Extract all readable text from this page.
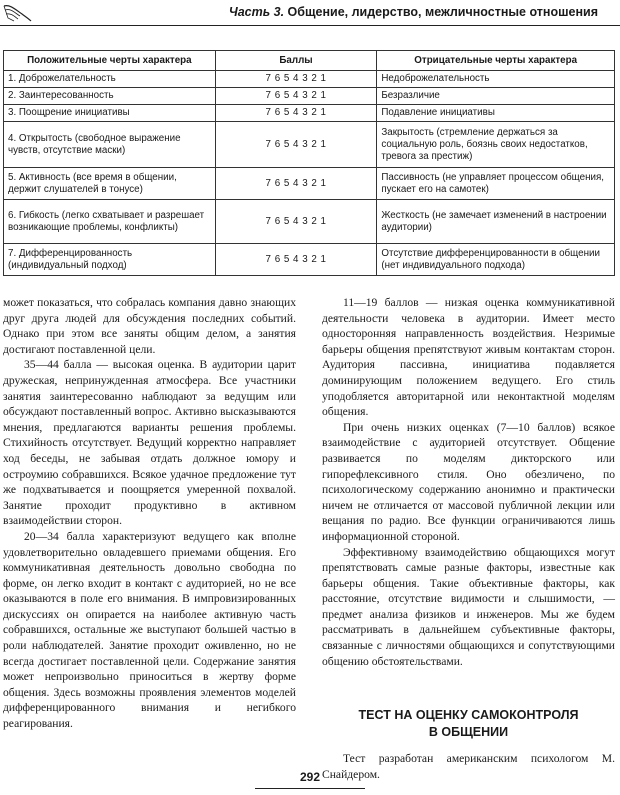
Часть 3. Общение, лидерство, межличностные отношения
Положительные черты характера	Баллы	Отрицательные черты характера
1. Доброжелательность	7 6 5 4 3 2 1	Недоброжелательность
2. Заинтересованность	7 6 5 4 3 2 1	Безразличие
3. Поощрение инициативы	7 6 5 4 3 2 1	Подавление инициативы
4. Открытость (свободное выражение чувств, отсутствие маски)	7 6 5 4 3 2 1	Закрытость (стремление держаться за социальную роль, боязнь своих недостатков, тревога за престиж)
5. Активность (все время в общении, держит слушателей в тонусе)	7 6 5 4 3 2 1	Пассивность (не управляет процессом общения, пускает его на самотек)
6. Гибкость (легко схватывает и разрешает возникающие проблемы, конфликты)	7 6 5 4 3 2 1	Жесткость (не замечает изменений в настроении аудитории)
7. Дифференцированность (индивидуальный подход)	7 6 5 4 3 2 1	Отсутствие дифференцированности в общении (нет индивидуального подхода)

может показаться, что собралась компания давно знающих друг друга людей для обсуждения последних событий. Однако при этом все заняты общим делом, а занятия достигают поставленной цели.

35—44 балла — высокая оценка. В аудитории царит дружеская, непринужденная атмосфера. Все участники занятия заинтересованно наблюдают за ведущим или обсуждают поставленный вопрос. Активно высказываются мнения, предлагаются варианты решения проблемы. Стихийность отсутствует. Ведущий корректно направляет ход беседы, не забывая отдать должное юмору и остроумию собравшихся. Всякое удачное предложение тут же подхватывается и поощряется умеренной похвалой. Занятие проходит продуктивно в активном взаимодействии сторон.

20—34 балла характеризуют ведущего как вполне удовлетворительно овладевшего приемами общения. Его коммуникативная деятельность довольно свободна по форме, он легко входит в контакт с аудиторией, но не все оказываются в поле его внимания. В импровизированных дискуссиях он опирается на наиболее активную часть собравшихся, остальные же выступают большей частью в роли наблюдателей. Занятие проходит оживленно, но не всегда достигает поставленной цели. Содержание занятия может непроизвольно приноситься в жертву форме общения. Здесь возможны проявления элементов моделей дифференцированного внимания и негибкого реагирования.

11—19 баллов — низкая оценка коммуникативной деятельности человека в аудитории. Имеет место односторонняя направленность воздействия. Незримые барьеры общения препятствуют живым контактам сторон. Аудитория пассивна, инициатива подавляется доминирующим положением ведущего. Его стиль уподобляется авторитарной или неконтактной моделям общения.

При очень низких оценках (7—10 баллов) всякое взаимодействие с аудиторией отсутствует. Общение развивается по моделям дикторского или гипорефлексивного стиля. Оно обезличено, по психологическому содержанию анонимно и практически ничем не отличается от массовой публичной лекции или вещания по радио. Все функции ограничиваются лишь информационной стороной.

Эффективному взаимодействию общающихся могут препятствовать самые разные факторы, известные как барьеры общения. Такие объективные факторы, как расстояние, отсутствие видимости и слышимости, — предмет анализа физиков и инженеров. Мы же будем рассматривать в дальнейшем субъективные факторы, связанные с личностями общающихся и сопутствующими общению обстоятельствами.

ТЕСТ НА ОЦЕНКУ САМОКОНТРОЛЯ
В ОБЩЕНИИ

Тест разработан американским психологом М. Снайдером.

292
